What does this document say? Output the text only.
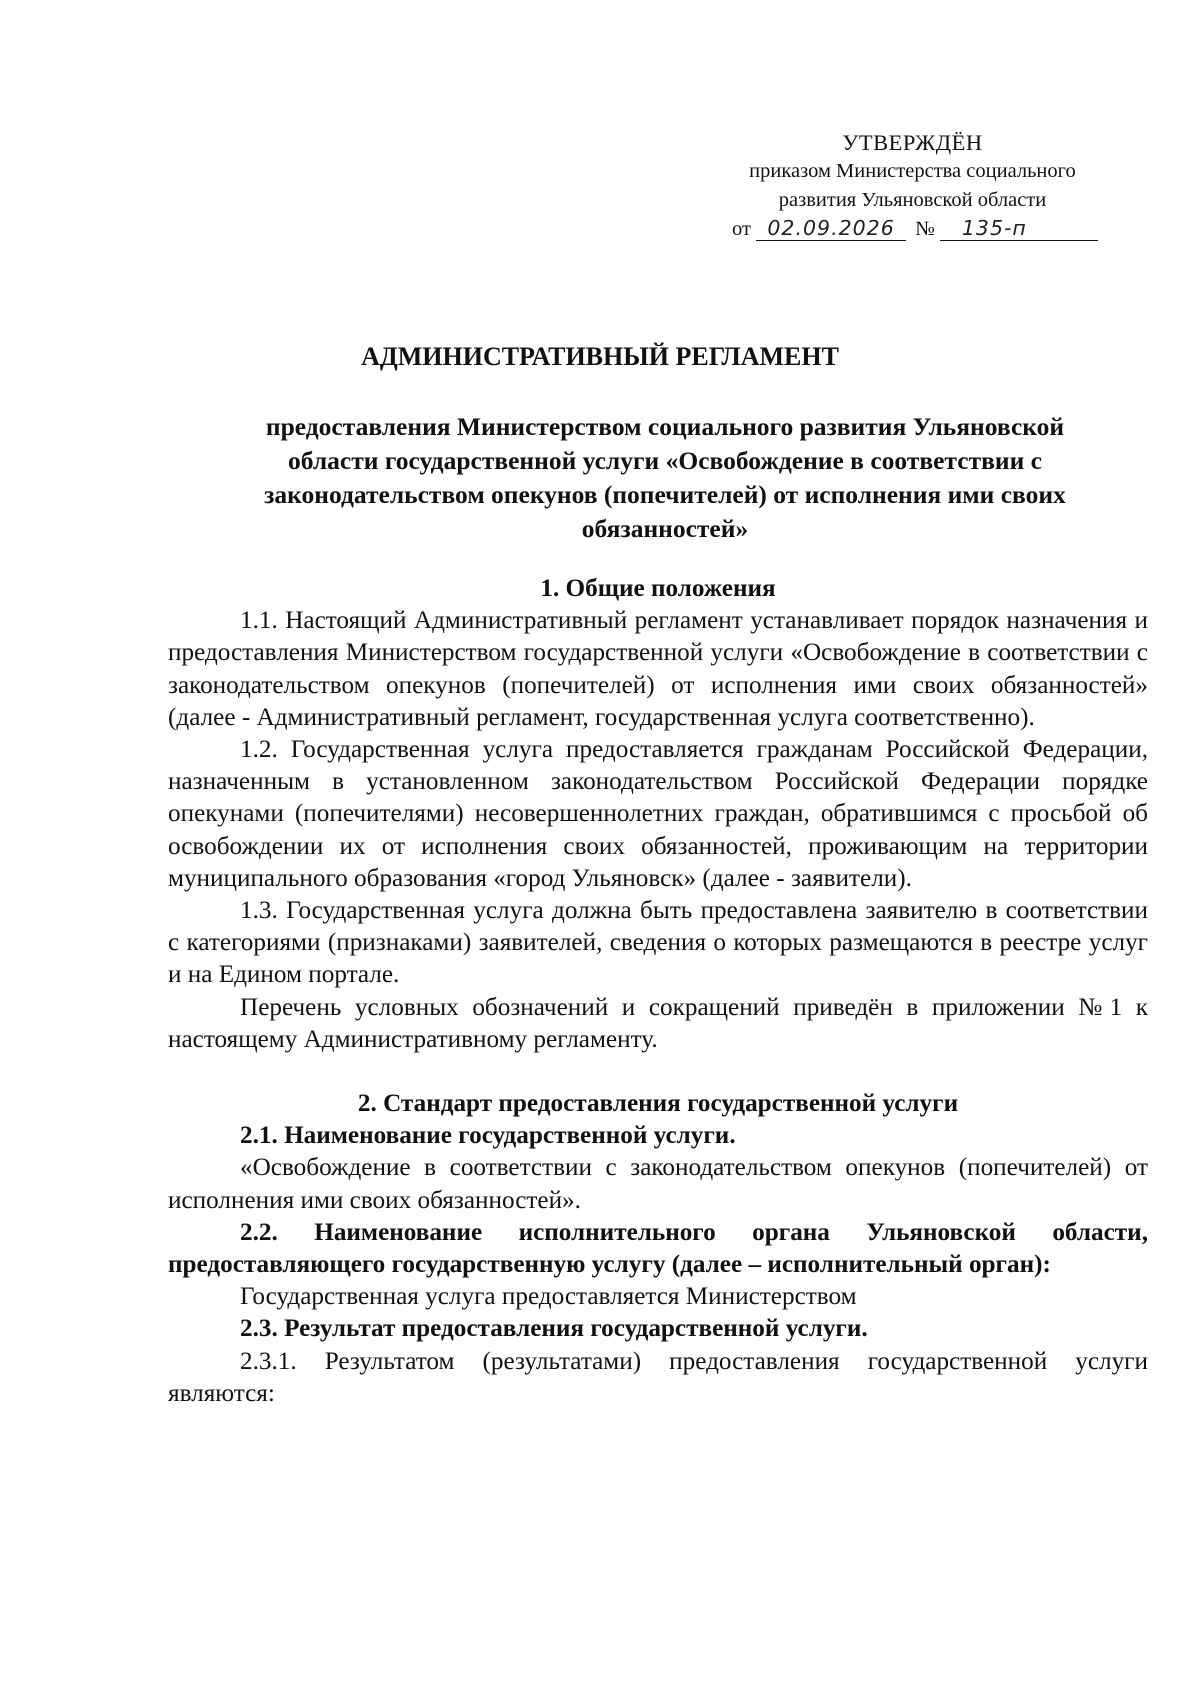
УТВЕРЖДЁН
приказом Министерства социального
развития Ульяновской области
от 02.09.2026 № 135-п
АДМИНИСТРАТИВНЫЙ РЕГЛАМЕНТ
предоставления Министерством социального развития Ульяновской
области государственной услуги «Освобождение в соответствии с
законодательством опекунов (попечителей) от исполнения ими своих
обязанностей»

1. Общие положения

1.1. Настоящий Административный регламент устанавливает порядок назначения и предоставления Министерством государственной услуги «Освобождение в соответствии с законодательством опекунов (попечителей) от исполнения ими своих обязанностей» (далее - Административный регламент, государственная услуга соответственно).

1.2. Государственная услуга предоставляется гражданам Российской Федерации, назначенным в установленном законодательством Российской Федерации порядке опекунами (попечителями) несовершеннолетних граждан, обратившимся с просьбой об освобождении их от исполнения своих обязанностей, проживающим на территории муниципального образования «город Ульяновск» (далее - заявители).

1.3. Государственная услуга должна быть предоставлена заявителю в соответствии с категориями (признаками) заявителей, сведения о которых размещаются в реестре услуг и на Едином портале.

Перечень условных обозначений и сокращений приведён в приложении №1 к настоящему Административному регламенту.

2. Стандарт предоставления государственной услуги

2.1. Наименование государственной услуги.

«Освобождение в соответствии с законодательством опекунов (попечителей) от исполнения ими своих обязанностей».

2.2. Наименование исполнительного органа Ульяновской области, предоставляющего государственную услугу (далее – исполнительный орган):

Государственная услуга предоставляется Министерством

2.3. Результат предоставления государственной услуги.

2.3.1. Результатом (результатами) предоставления государственной услуги являются:
